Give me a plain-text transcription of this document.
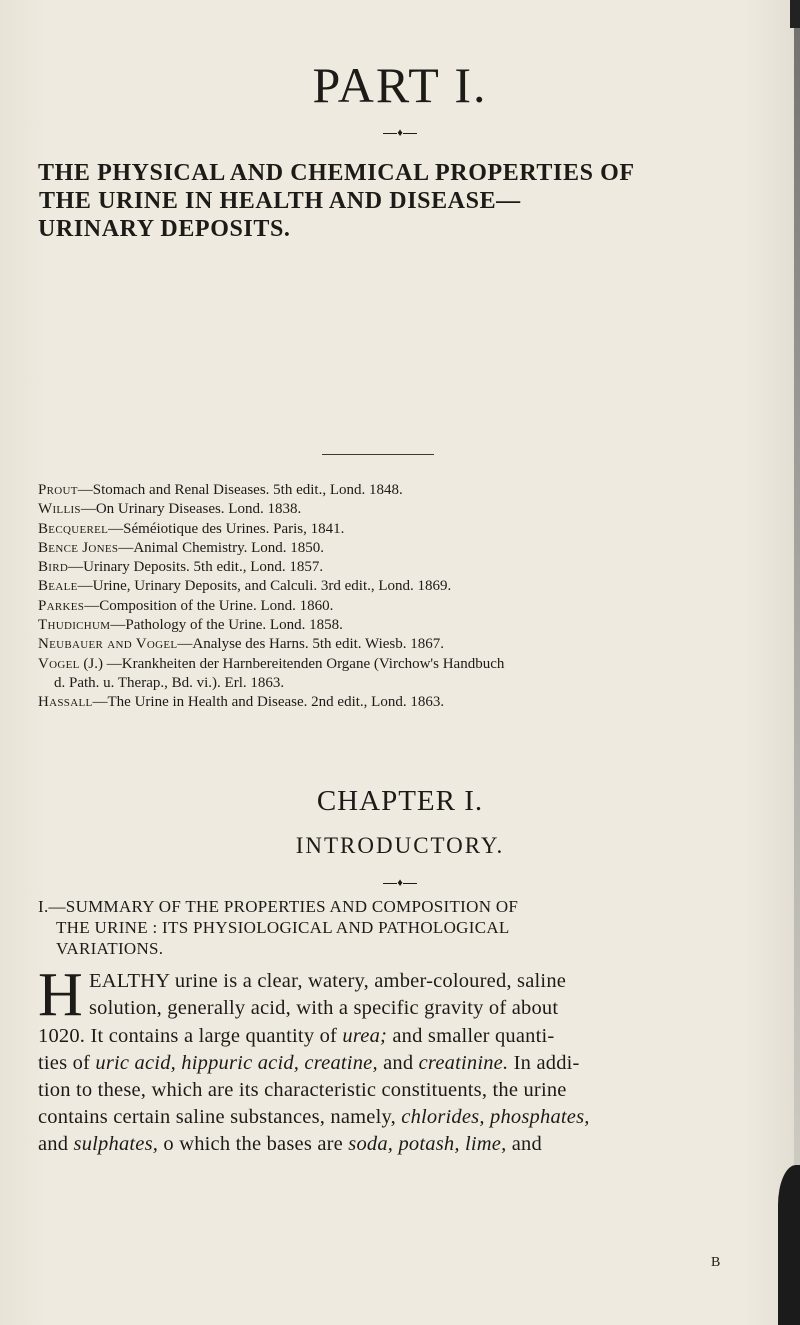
PART I.
♦
THE PHYSICAL AND CHEMICAL PROPERTIES OF
THE URINE IN HEALTH AND DISEASE—
URINARY DEPOSITS.
Prout—Stomach and Renal Diseases. 5th edit., Lond. 1848.
Willis—On Urinary Diseases. Lond. 1838.
Becquerel—Séméiotique des Urines. Paris, 1841.
Bence Jones—Animal Chemistry. Lond. 1850.
Bird—Urinary Deposits. 5th edit., Lond. 1857.
Beale—Urine, Urinary Deposits, and Calculi. 3rd edit., Lond. 1869.
Parkes—Composition of the Urine. Lond. 1860.
Thudichum—Pathology of the Urine. Lond. 1858.
Neubauer and Vogel—Analyse des Harns. 5th edit. Wiesb. 1867.
Vogel (J.) —Krankheiten der Harnbereitenden Organe (Virchow's Handbuch
d. Path. u. Therap., Bd. vi.). Erl. 1863.
Hassall—The Urine in Health and Disease. 2nd edit., Lond. 1863.
CHAPTER I.
INTRODUCTORY.
♦
I.—SUMMARY OF THE PROPERTIES AND COMPOSITION OF
THE URINE : ITS PHYSIOLOGICAL AND PATHOLOGICAL
VARIATIONS.
H EALTHY urine is a clear, watery, amber-coloured, saline
solution, generally acid, with a specific gravity of about
1020. It contains a large quantity of urea; and smaller quanti-
ties of uric acid, hippuric acid, creatine, and creatinine. In addi-
tion to these, which are its characteristic constituents, the urine
contains certain saline substances, namely, chlorides, phosphates,
and sulphates, o which the bases are soda, potash, lime, and
B
